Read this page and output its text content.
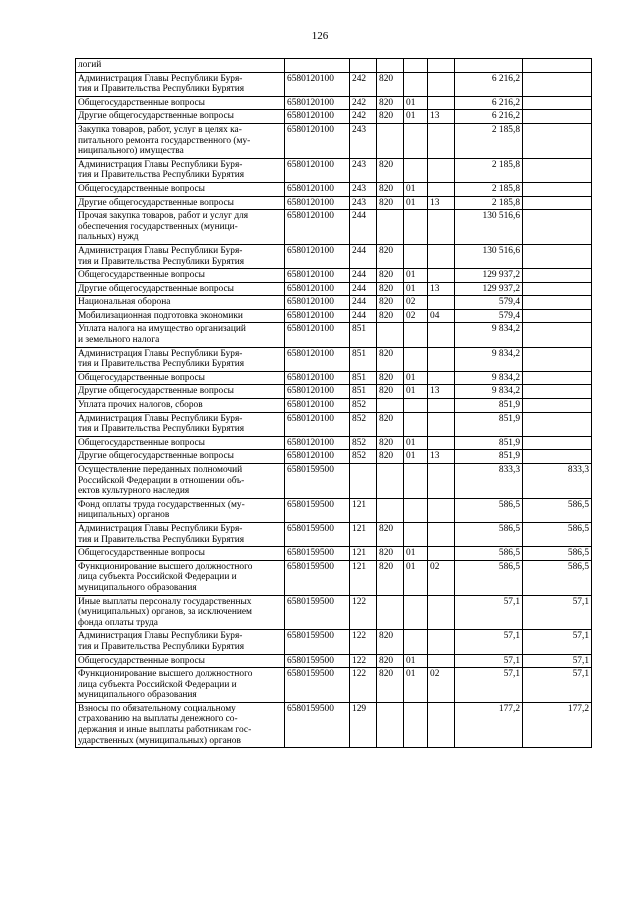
126
логий							
Администрация Главы Республики Буря-
тия и Правительства Республики Бурятия	6580120100	242	820			6 216,2	
Общегосударственные вопросы	6580120100	242	820	01		6 216,2	
Другие общегосударственные вопросы	6580120100	242	820	01	13	6 216,2	
Закупка товаров, работ, услуг в целях ка-
питального ремонта государственного (му-
ниципального) имущества	6580120100	243				2 185,8	
Администрация Главы Республики Буря-
тия и Правительства Республики Бурятия	6580120100	243	820			2 185,8	
Общегосударственные вопросы	6580120100	243	820	01		2 185,8	
Другие общегосударственные вопросы	6580120100	243	820	01	13	2 185,8	
Прочая закупка товаров, работ и услуг для
обеспечения государственных (муници-
пальных) нужд	6580120100	244				130 516,6	
Администрация Главы Республики Буря-
тия и Правительства Республики Бурятия	6580120100	244	820			130 516,6	
Общегосударственные вопросы	6580120100	244	820	01		129 937,2	
Другие общегосударственные вопросы	6580120100	244	820	01	13	129 937,2	
Национальная оборона	6580120100	244	820	02		579,4	
Мобилизационная подготовка экономики	6580120100	244	820	02	04	579,4	
Уплата налога на имущество организаций
и земельного налога	6580120100	851				9 834,2	
Администрация Главы Республики Буря-
тия и Правительства Республики Бурятия	6580120100	851	820			9 834,2	
Общегосударственные вопросы	6580120100	851	820	01		9 834,2	
Другие общегосударственные вопросы	6580120100	851	820	01	13	9 834,2	
Уплата прочих налогов, сборов	6580120100	852				851,9	
Администрация Главы Республики Буря-
тия и Правительства Республики Бурятия	6580120100	852	820			851,9	
Общегосударственные вопросы	6580120100	852	820	01		851,9	
Другие общегосударственные вопросы	6580120100	852	820	01	13	851,9	
Осуществление переданных полномочий
Российской Федерации в отношении объ-
ектов культурного наследия	6580159500					833,3	833,3
Фонд оплаты труда государственных (му-
ниципальных) органов	6580159500	121				586,5	586,5
Администрация Главы Республики Буря-
тия и Правительства Республики Бурятия	6580159500	121	820			586,5	586,5
Общегосударственные вопросы	6580159500	121	820	01		586,5	586,5
Функционирование высшего должностного
лица субъекта Российской Федерации и
муниципального образования	6580159500	121	820	01	02	586,5	586,5
Иные выплаты персоналу государственных
(муниципальных) органов, за исключением
фонда оплаты труда	6580159500	122				57,1	57,1
Администрация Главы Республики Буря-
тия и Правительства Республики Бурятия	6580159500	122	820			57,1	57,1
Общегосударственные вопросы	6580159500	122	820	01		57,1	57,1
Функционирование высшего должностного
лица субъекта Российской Федерации и
муниципального образования	6580159500	122	820	01	02	57,1	57,1
Взносы по обязательному социальному
страхованию на выплаты денежного со-
держания и иные выплаты работникам гос-
ударственных (муниципальных) органов	6580159500	129				177,2	177,2
